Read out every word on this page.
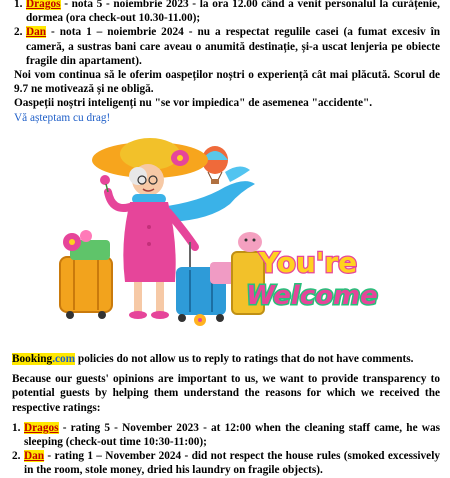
1. Dragos - nota 5 - noiembrie 2023 - la ora 12.00 când a venit personalul la curățenie, dormea (ora check-out 10.30-11.00);
2. Dan - nota 1 – noiembrie 2024 - nu a respectat regulile casei (a fumat excesiv în cameră, a sustras bani care aveau o anumită destinație, și-a uscat lenjeria pe obiecte fragile din apartament).

Noi vom continua să le oferim oaspeților noștri o experiență cât mai plăcută. Scorul de 9.7 ne motivează și ne obligă.

Oaspeții noștri inteligenți nu "se vor impiedica" de asemenea "accidente".

Vă așteptam cu drag!

You're
Welcome

Booking.com policies do not allow us to reply to ratings that do not have comments.

Because our guests' opinions are important to us, we want to provide transparency to potential guests by helping them understand the reasons for which we received the respective ratings:

1. Dragos - rating 5 - November 2023 - at 12:00 when the cleaning staff came, he was sleeping (check-out time 10:30-11:00);
2. Dan - rating 1 – November 2024 - did not respect the house rules (smoked excessively in the room, stole money, dried his laundry on fragile objects).
